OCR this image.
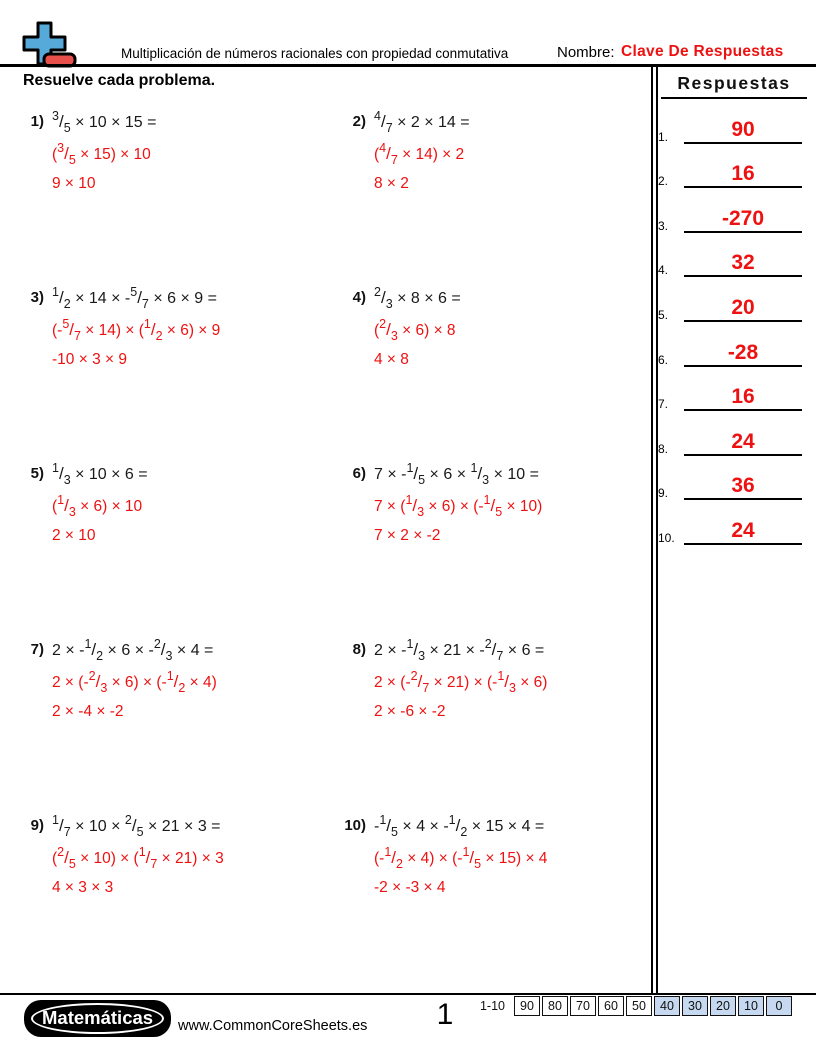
Multiplicación de números racionales con propiedad conmutativa	Nombre: Clave De Respuestas
Resuelve cada problema.
1) $^3/_5 \times 10 \times 15$ =
$(^3/_5 \times 15) \times 10$
9 × 10
2) $^4/_7 \times 2 \times 14$ =
$(^4/_7 \times 14) \times 2$
8 × 2
3) $^1/_2 \times 14 \times -^5/_7 \times 6 \times 9$ =
$(-^5/_7 \times 14) \times (^1/_2 \times 6) \times 9$
-10 × 3 × 9
4) $^2/_3 \times 8 \times 6$ =
$(^2/_3 \times 6) \times 8$
4 × 8
5) $^1/_3 \times 10 \times 6$ =
$(^1/_3 \times 6) \times 10$
2 × 10
6) $7 \times -^1/_5 \times 6 \times ^1/_3 \times 10$ =
$7 \times (^1/_3 \times 6) \times (-^1/_5 \times 10)$
7 × 2 × -2
7) $2 \times -^1/_2 \times 6 \times -^2/_3 \times 4$ =
$2 \times (-^2/_3 \times 6) \times (-^1/_2 \times 4)$
2 × -4 × -2
8) $2 \times -^1/_3 \times 21 \times -^2/_7 \times 6$ =
$2 \times (-^2/_7 \times 21) \times (-^1/_3 \times 6)$
2 × -6 × -2
9) $^1/_7 \times 10 \times ^2/_5 \times 21 \times 3$ =
$(^2/_5 \times 10) \times (^1/_7 \times 21) \times 3$
4 × 3 × 3
10) $-^1/_5 \times 4 \times -^1/_2 \times 15 \times 4$ =
$(-^1/_2 \times 4) \times (-^1/_5 \times 15) \times 4$
-2 × -3 × 4
Respuestas
1.	90
2.	16
3.	-270
4.	32
5.	20
6.	-28
7.	16
8.	24
9.	36
10.	24
Matemáticas	www.CommonCoreSheets.es	1	1-10	90	80	70	60	50	40	30	20	10	0
